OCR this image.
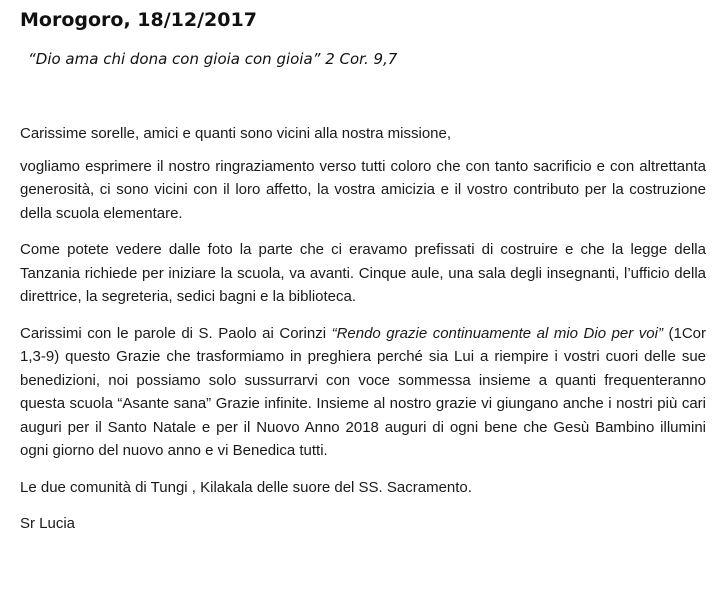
Morogoro, 18/12/2017

“Dio ama chi dona con gioia con gioia” 2 Cor. 9,7

Carissime sorelle, amici e quanti sono vicini alla nostra missione,

vogliamo esprimere il nostro ringraziamento verso tutti coloro che con tanto sacrificio e con altrettanta generosità, ci sono vicini con il loro affetto, la vostra amicizia e il vostro contributo per la costruzione della scuola elementare.

Come potete vedere dalle foto la parte che ci eravamo prefissati di costruire e che la legge della Tanzania richiede per iniziare la scuola, va avanti. Cinque aule, una sala degli insegnanti, l’ufficio della direttrice, la segreteria, sedici bagni e la biblioteca.

Carissimi con le parole di S. Paolo ai Corinzi “Rendo grazie continuamente al mio Dio per voi” (1Cor 1,3-9) questo Grazie che trasformiamo in preghiera perché sia Lui a riempire i vostri cuori delle sue benedizioni, noi possiamo solo sussurrarvi con voce sommessa insieme a quanti frequenteranno questa scuola “Asante sana” Grazie infinite. Insieme al nostro grazie vi giungano anche i nostri più cari auguri per il Santo Natale e per il Nuovo Anno 2018 auguri di ogni bene che Gesù Bambino illumini ogni giorno del nuovo anno e vi Benedica tutti.

Le due comunità di Tungi , Kilakala delle suore del SS. Sacramento.

Sr Lucia
